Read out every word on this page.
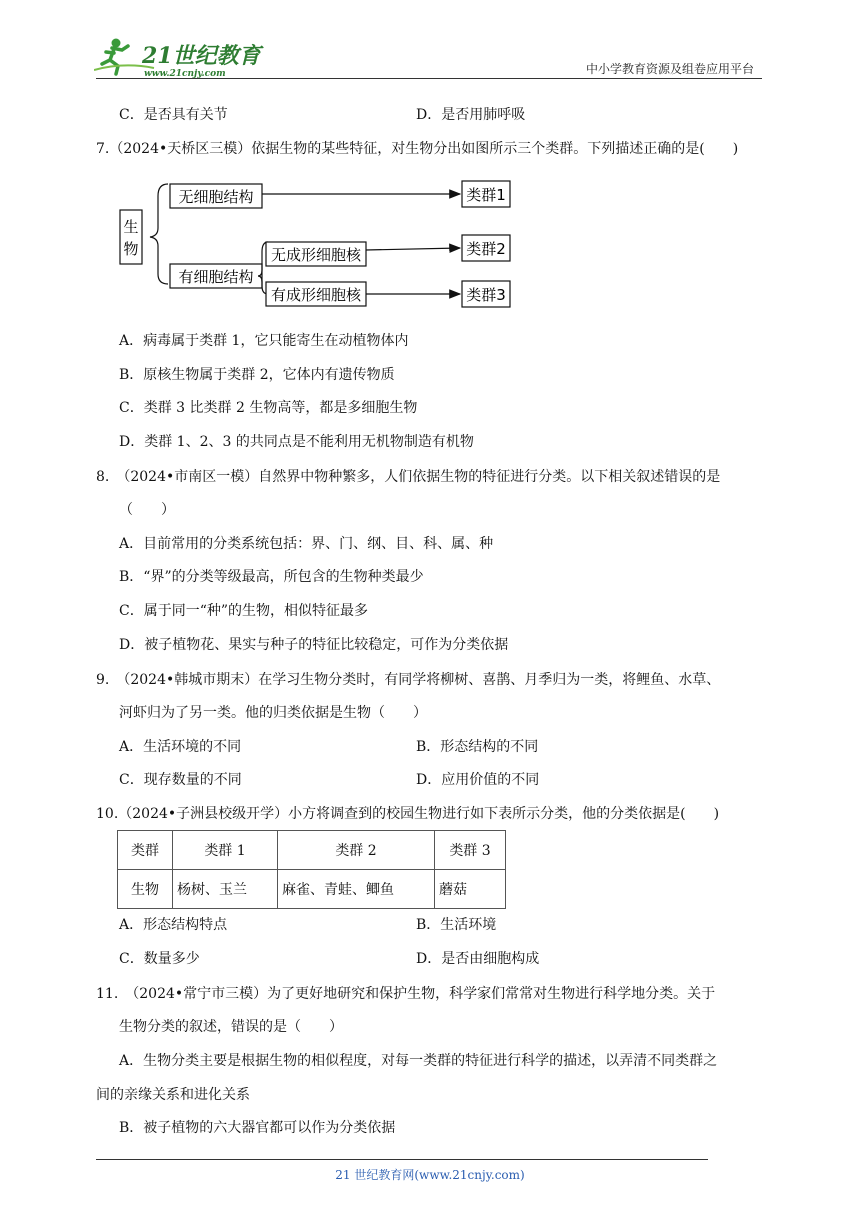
21世纪教育
www.21cnjy.com	中小学教育资源及组卷应用平台
C．是否具有关节	D．是否用肺呼吸
7.（2024•天桥区三模）依据生物的某些特征，对生物分出如图所示三个类群。下列描述正确的是(　　)
生
物
无细胞结构
有细胞结构
无成形细胞核
有成形细胞核
类群1
类群2
类群3
A．病毒属于类群 1，它只能寄生在动植物体内
B．原核生物属于类群 2，它体内有遗传物质
C．类群 3 比类群 2 生物高等，都是多细胞生物
D．类群 1、2、3 的共同点是不能利用无机物制造有机物
8.　（2024•市南区一模）自然界中物种繁多，人们依据生物的特征进行分类。以下相关叙述错误的是
（　　）
A．目前常用的分类系统包括：界、门、纲、目、科、属、种
B．“界”的分类等级最高，所包含的生物种类最少
C．属于同一“种”的生物，相似特征最多
D．被子植物花、果实与种子的特征比较稳定，可作为分类依据
9.　（2024•韩城市期末）在学习生物分类时，有同学将柳树、喜鹊、月季归为一类，将鲤鱼、水草、
河虾归为了另一类。他的归类依据是生物（　　）
A．生活环境的不同	B．形态结构的不同
C．现存数量的不同	D．应用价值的不同
10.（2024•子洲县校级开学）小方将调查到的校园生物进行如下表所示分类，他的分类依据是(　　)
类群	类群 1	类群 2	类群 3
生物	杨树、玉兰	麻雀、青蛙、鲫鱼	蘑菇
A．形态结构特点	B．生活环境
C．数量多少	D．是否由细胞构成
11.　（2024•常宁市三模）为了更好地研究和保护生物，科学家们常常对生物进行科学地分类。关于
生物分类的叙述，错误的是（　　）
A．生物分类主要是根据生物的相似程度，对每一类群的特征进行科学的描述，以弄清不同类群之
间的亲缘关系和进化关系
B．被子植物的六大器官都可以作为分类依据
21 世纪教育网(www.21cnjy.com)
